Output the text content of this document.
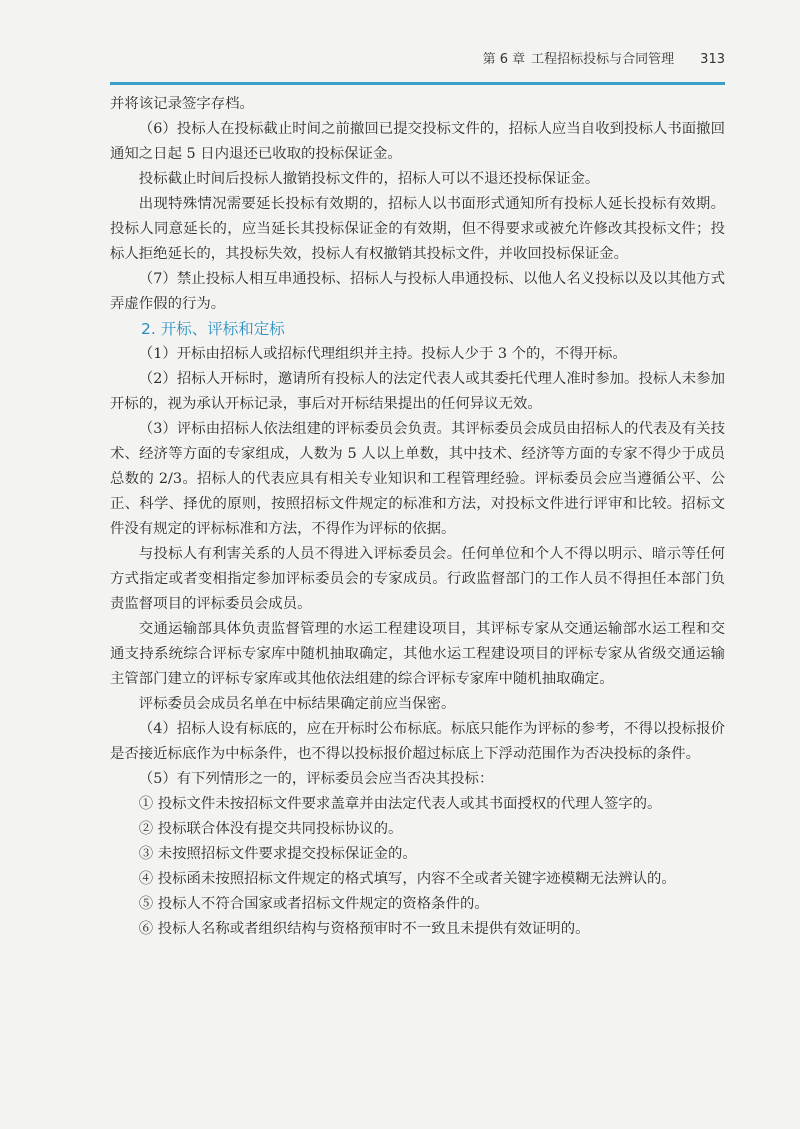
第 6 章 工程招标投标与合同管理 313

并将该记录签字存档。

（6）投标人在投标截止时间之前撤回已提交投标文件的，招标人应当自收到投标人书面撤回通知之日起 5 日内退还已收取的投标保证金。

投标截止时间后投标人撤销投标文件的，招标人可以不退还投标保证金。

出现特殊情况需要延长投标有效期的，招标人以书面形式通知所有投标人延长投标有效期。投标人同意延长的，应当延长其投标保证金的有效期，但不得要求或被允许修改其投标文件；投标人拒绝延长的，其投标失效，投标人有权撤销其投标文件，并收回投标保证金。

（7）禁止投标人相互串通投标、招标人与投标人串通投标、以他人名义投标以及以其他方式弄虚作假的行为。

2. 开标、评标和定标

（1）开标由招标人或招标代理组织并主持。投标人少于 3 个的，不得开标。

（2）招标人开标时，邀请所有投标人的法定代表人或其委托代理人准时参加。投标人未参加开标的，视为承认开标记录，事后对开标结果提出的任何异议无效。

（3）评标由招标人依法组建的评标委员会负责。其评标委员会成员由招标人的代表及有关技术、经济等方面的专家组成，人数为 5 人以上单数，其中技术、经济等方面的专家不得少于成员总数的 2/3。招标人的代表应具有相关专业知识和工程管理经验。评标委员会应当遵循公平、公正、科学、择优的原则，按照招标文件规定的标准和方法，对投标文件进行评审和比较。招标文件没有规定的评标标准和方法，不得作为评标的依据。

与投标人有利害关系的人员不得进入评标委员会。任何单位和个人不得以明示、暗示等任何方式指定或者变相指定参加评标委员会的专家成员。行政监督部门的工作人员不得担任本部门负责监督项目的评标委员会成员。

交通运输部具体负责监督管理的水运工程建设项目，其评标专家从交通运输部水运工程和交通支持系统综合评标专家库中随机抽取确定，其他水运工程建设项目的评标专家从省级交通运输主管部门建立的评标专家库或其他依法组建的综合评标专家库中随机抽取确定。

评标委员会成员名单在中标结果确定前应当保密。

（4）招标人设有标底的，应在开标时公布标底。标底只能作为评标的参考，不得以投标报价是否接近标底作为中标条件，也不得以投标报价超过标底上下浮动范围作为否决投标的条件。

（5）有下列情形之一的，评标委员会应当否决其投标：

① 投标文件未按招标文件要求盖章并由法定代表人或其书面授权的代理人签字的。

② 投标联合体没有提交共同投标协议的。

③ 未按照招标文件要求提交投标保证金的。

④ 投标函未按照招标文件规定的格式填写，内容不全或者关键字迹模糊无法辨认的。

⑤ 投标人不符合国家或者招标文件规定的资格条件的。

⑥ 投标人名称或者组织结构与资格预审时不一致且未提供有效证明的。
